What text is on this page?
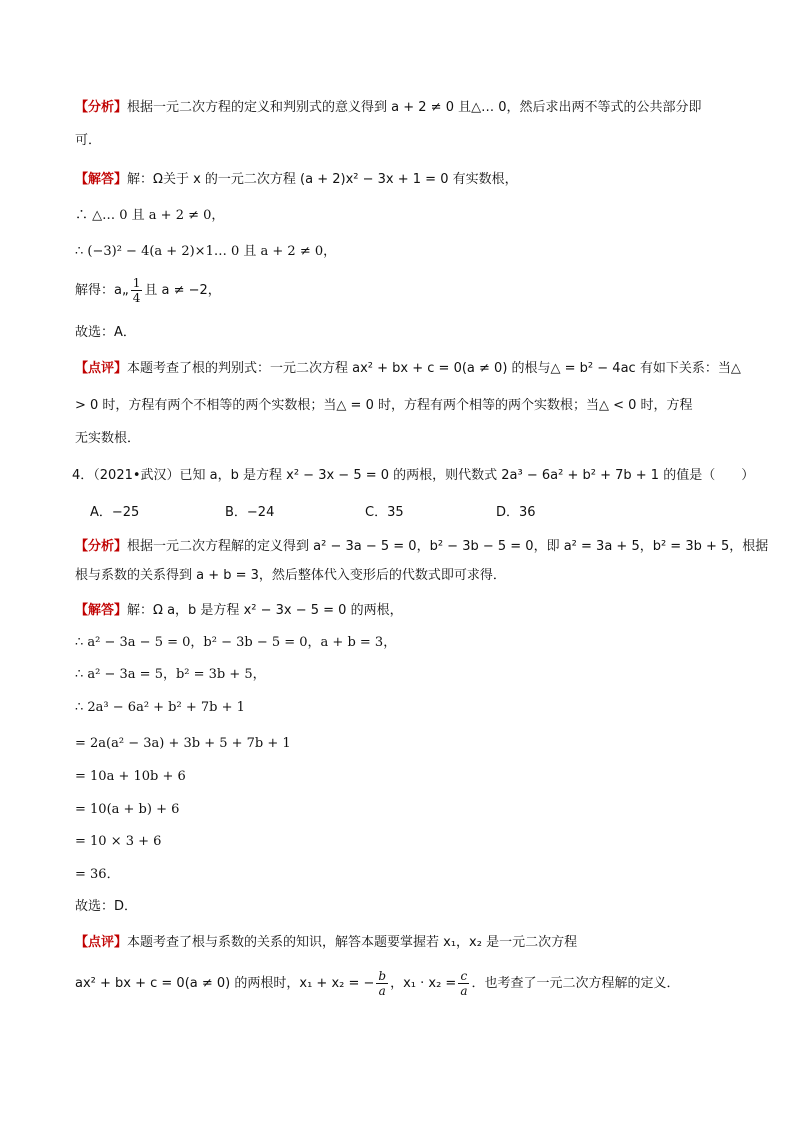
【分析】根据一元二次方程的定义和判别式的意义得到 a + 2 ≠ 0 且△… 0，然后求出两不等式的公共部分即
可．
【解答】解：Ω关于 x 的一元二次方程 (a + 2)x² − 3x + 1 = 0 有实数根，
∴ △… 0 且 a + 2 ≠ 0，
∴ (−3)² − 4(a + 2)×1… 0 且 a + 2 ≠ 0，
解得：a„ $\frac{1}{4}$ 且 a ≠ −2，
故选：A．
【点评】本题考查了根的判别式：一元二次方程 ax² + bx + c = 0(a ≠ 0) 的根与△ = b² − 4ac 有如下关系：当△
> 0 时，方程有两个不相等的两个实数根；当△ = 0 时，方程有两个相等的两个实数根；当△ < 0 时，方程
无实数根．
4．（2021•武汉）已知 a，b 是方程 x² − 3x − 5 = 0 的两根，则代数式 2a³ − 6a² + b² + 7b + 1 的值是（　　）
A．−25	B．−24	C．35	D．36
【分析】根据一元二次方程解的定义得到 a² − 3a − 5 = 0，b² − 3b − 5 = 0，即 a² = 3a + 5，b² = 3b + 5，根据
根与系数的关系得到 a + b = 3，然后整体代入变形后的代数式即可求得．
【解答】解：Ω a，b 是方程 x² − 3x − 5 = 0 的两根，
∴ a² − 3a − 5 = 0，b² − 3b − 5 = 0，a + b = 3，
∴ a² − 3a = 5，b² = 3b + 5，
∴ 2a³ − 6a² + b² + 7b + 1
= 2a(a² − 3a) + 3b + 5 + 7b + 1
= 10a + 10b + 6
= 10(a + b) + 6
= 10 × 3 + 6
= 36．
故选：D．
【点评】本题考查了根与系数的关系的知识，解答本题要掌握若 x₁，x₂ 是一元二次方程
ax² + bx + c = 0(a ≠ 0) 的两根时，x₁ + x₂ = − $\frac{b}{a}$ ，$x_1 \cdot x_2 = \frac{c}{a}$ ．也考查了一元二次方程解的定义．
